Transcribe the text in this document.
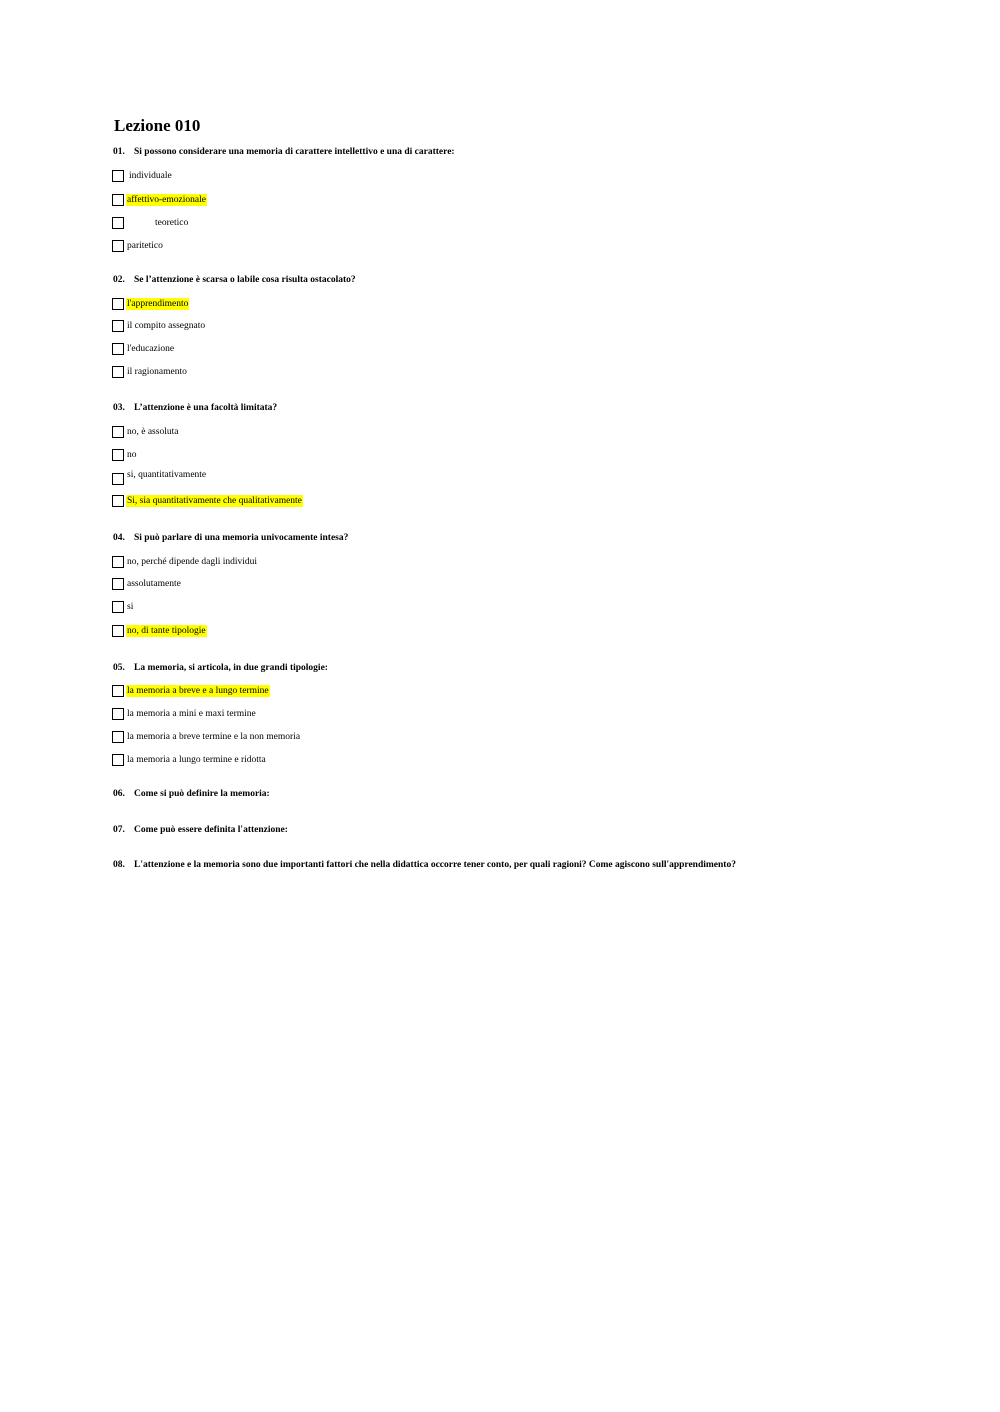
Lezione 010
01. Si possono considerare una memoria di carattere intellettivo e una di carattere:
individuale
affettivo-emozionale
teoretico
paritetico
02. Se l’attenzione è scarsa o labile cosa risulta ostacolato?
l'apprendimento
il compito assegnato
l'educazione
il ragionamento
03. L’attenzione è una facoltà limitata?
no, è assoluta
no
si, quantitativamente
Si, sia quantitativamente che qualitativamente
04. Si può parlare di una memoria univocamente intesa?
no, perché dipende dagli individui
assolutamente
si
no, di tante tipologie
05. La memoria, si articola, in due grandi tipologie:
la memoria a breve e a lungo termine
la memoria a mini e maxi termine
la memoria a breve termine e la non memoria
la memoria a lungo termine e ridotta
06. Come si può definire la memoria:
07. Come può essere definita l'attenzione:
08. L'attenzione e la memoria sono due importanti fattori che nella didattica occorre tener conto, per quali ragioni? Come agiscono sull'apprendimento?
